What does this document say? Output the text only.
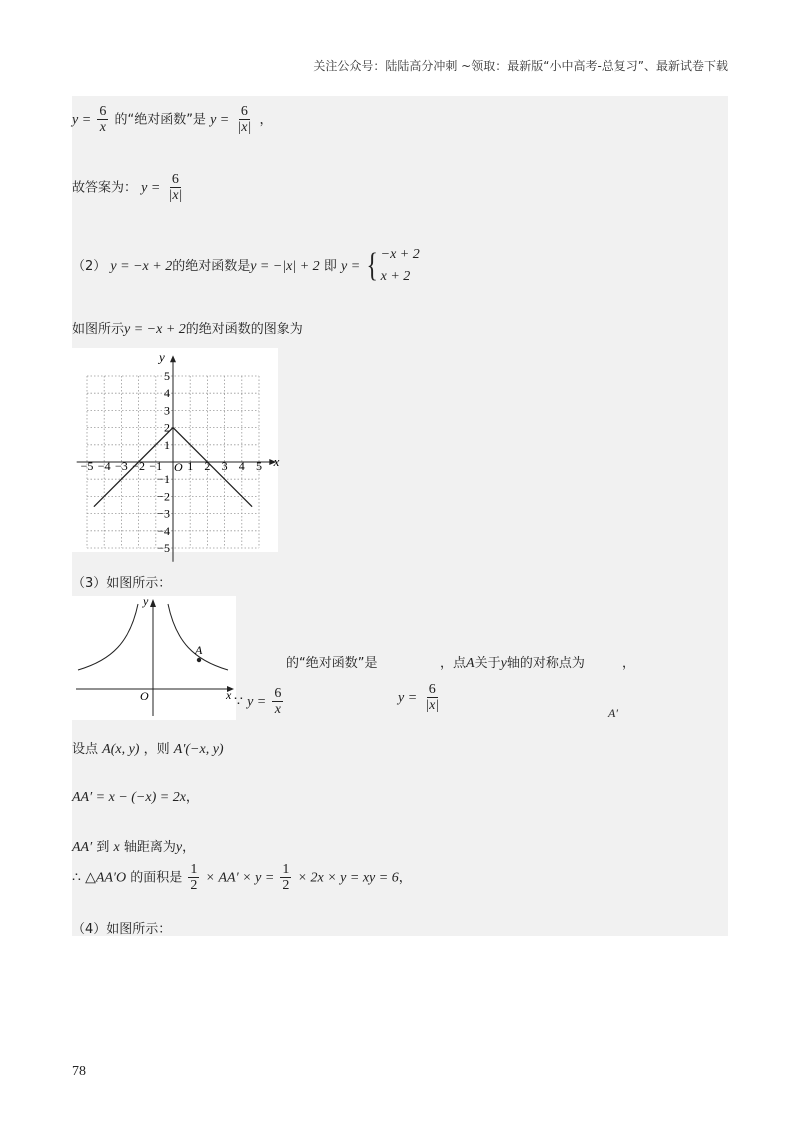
关注公众号：陆陆高分冲刺 ~领取：最新版“小中高考-总复习”、最新试卷下载
$y = \frac{6}{x}$ 的“绝对函数”是 $y = \frac{6}{|x|}$ ，
故答案为： $y = \frac{6}{|x|}$
（2） y = −x + 2的绝对函数是y = −|x| + 2 即 y = { −x + 2
x + 2
如图所示y = −x + 2的绝对函数的图象为
−5 −4 −3 −2 −1 1 2 3 4 5
5
4
3
2
1
−1
−2
−3
−4
−5
O	x
y
（3）如图所示：
A
O
y
x
的“绝对函数”是	，点A关于y轴的对称点为	，
∵ $y = \frac{6}{x}$	$y = \frac{6}{|x|}$	A′
设点 A(x, y) ，则 A′(−x, y)
AA′ = x − (−x) = 2x，
AA′ 到 x 轴距离为y，
∴ △AA′O 的面积是 $\frac{1}{2} \times AA' \times y = \frac{1}{2} \times 2x \times y$ = xy = 6，
（4）如图所示：
78
